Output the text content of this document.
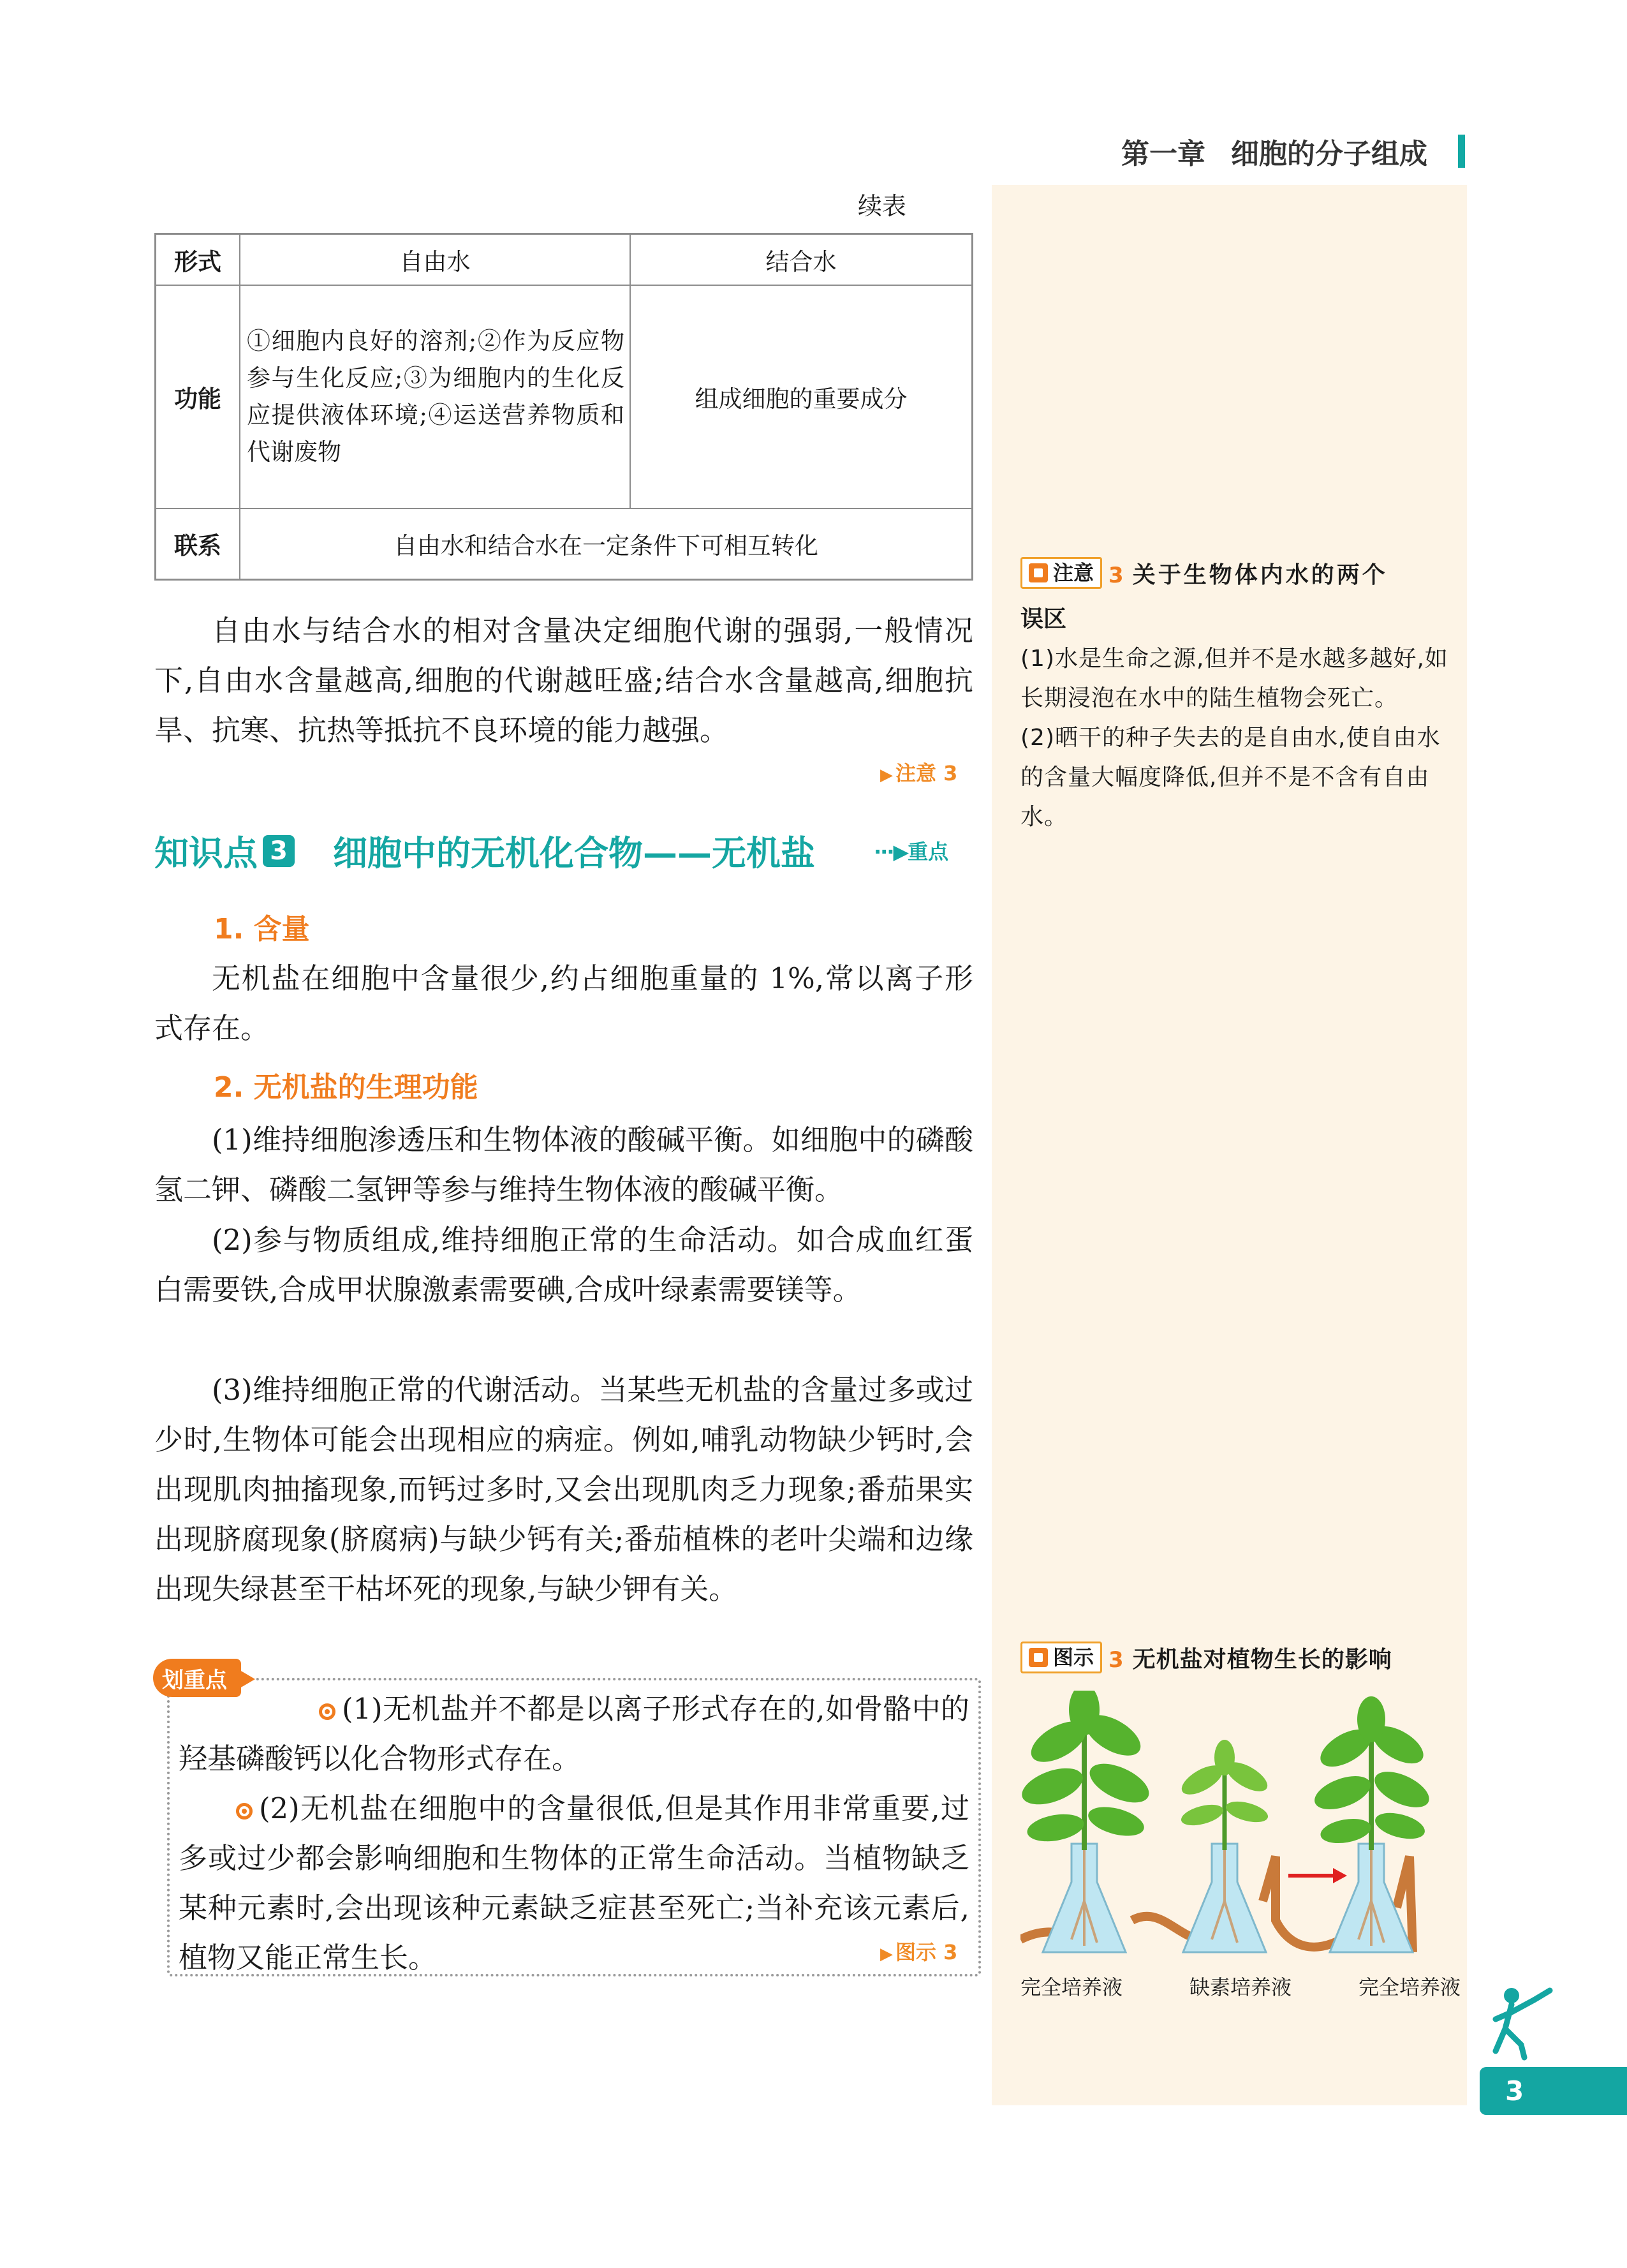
第一章 细胞的分子组成
续表
形式	自由水	结合水
功能	①细胞内良好的溶剂;②作为反应物参与生化反应;③为细胞内的生化反应提供液体环境;④运送营养物质和代谢废物	组成细胞的重要成分
联系	自由水和结合水在一定条件下可相互转化	

自由水与结合水的相对含量决定细胞代谢的强弱,一般情况下,自由水含量越高,细胞的代谢越旺盛;结合水含量越高,细胞抗旱、抗寒、抗热等抵抗不良环境的能力越强。

▶ 注意 3
知识点 3 细胞中的无机化合物——无机盐	···▶重点
1. 含量

无机盐在细胞中含量很少,约占细胞重量的 1%,常以离子形式存在。

2. 无机盐的生理功能

(1)维持细胞渗透压和生物体液的酸碱平衡。如细胞中的磷酸氢二钾、磷酸二氢钾等参与维持生物体液的酸碱平衡。

(2)参与物质组成,维持细胞正常的生命活动。如合成血红蛋白需要铁,合成甲状腺激素需要碘,合成叶绿素需要镁等。

(3)维持细胞正常的代谢活动。当某些无机盐的含量过多或过少时,生物体可能会出现相应的病症。例如,哺乳动物缺少钙时,会出现肌肉抽搐现象,而钙过多时,又会出现肌肉乏力现象;番茄果实出现脐腐现象(脐腐病)与缺少钙有关;番茄植株的老叶尖端和边缘出现失绿甚至干枯坏死的现象,与缺少钾有关。

划重点

(1)无机盐并不都是以离子形式存在的,如骨骼中的羟基磷酸钙以化合物形式存在。

(2)无机盐在细胞中的含量很低,但是其作用非常重要,过多或过少都会影响细胞和生物体的正常生命活动。当植物缺乏某种元素时,会出现该种元素缺乏症甚至死亡;当补充该元素后,植物又能正常生长。	▶ 图示 3
注意 3 关于生物体内水的两个
误区

(1)水是生命之源,但并不是水越多越好,如长期浸泡在水中的陆生植物会死亡。

(2)晒干的种子失去的是自由水,使自由水的含量大幅度降低,但并不是不含有自由水。

图示 3 无机盐对植物生长的影响
完全培养液	缺素培养液	完全培养液
3
